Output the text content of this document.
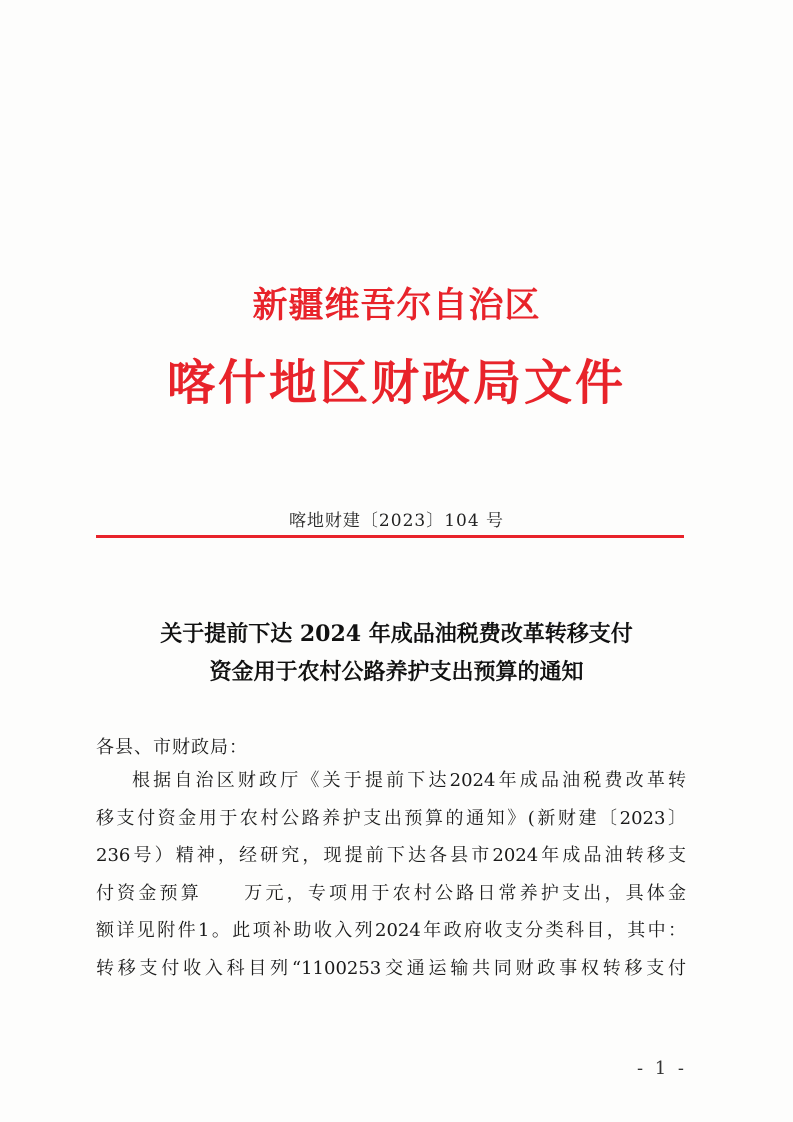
新疆维吾尔自治区
喀什地区财政局文件
喀地财建〔2023〕104 号
关于提前下达 2024 年成品油税费改革转移支付
资金用于农村公路养护支出预算的通知
各县、市财政局：
根据自治区财政厅《关于提前下达2024年成品油税费改革转
移支付资金用于农村公路养护支出预算的通知》(新财建〔2023〕
236号）精神，经研究，现提前下达各县市2024年成品油转移支
付资金预算　　万元，专项用于农村公路日常养护支出，具体金
额详见附件1。此项补助收入列2024年政府收支分类科目，其中：
转移支付收入科目列“1100253交通运输共同财政事权转移支付
- 1 -
